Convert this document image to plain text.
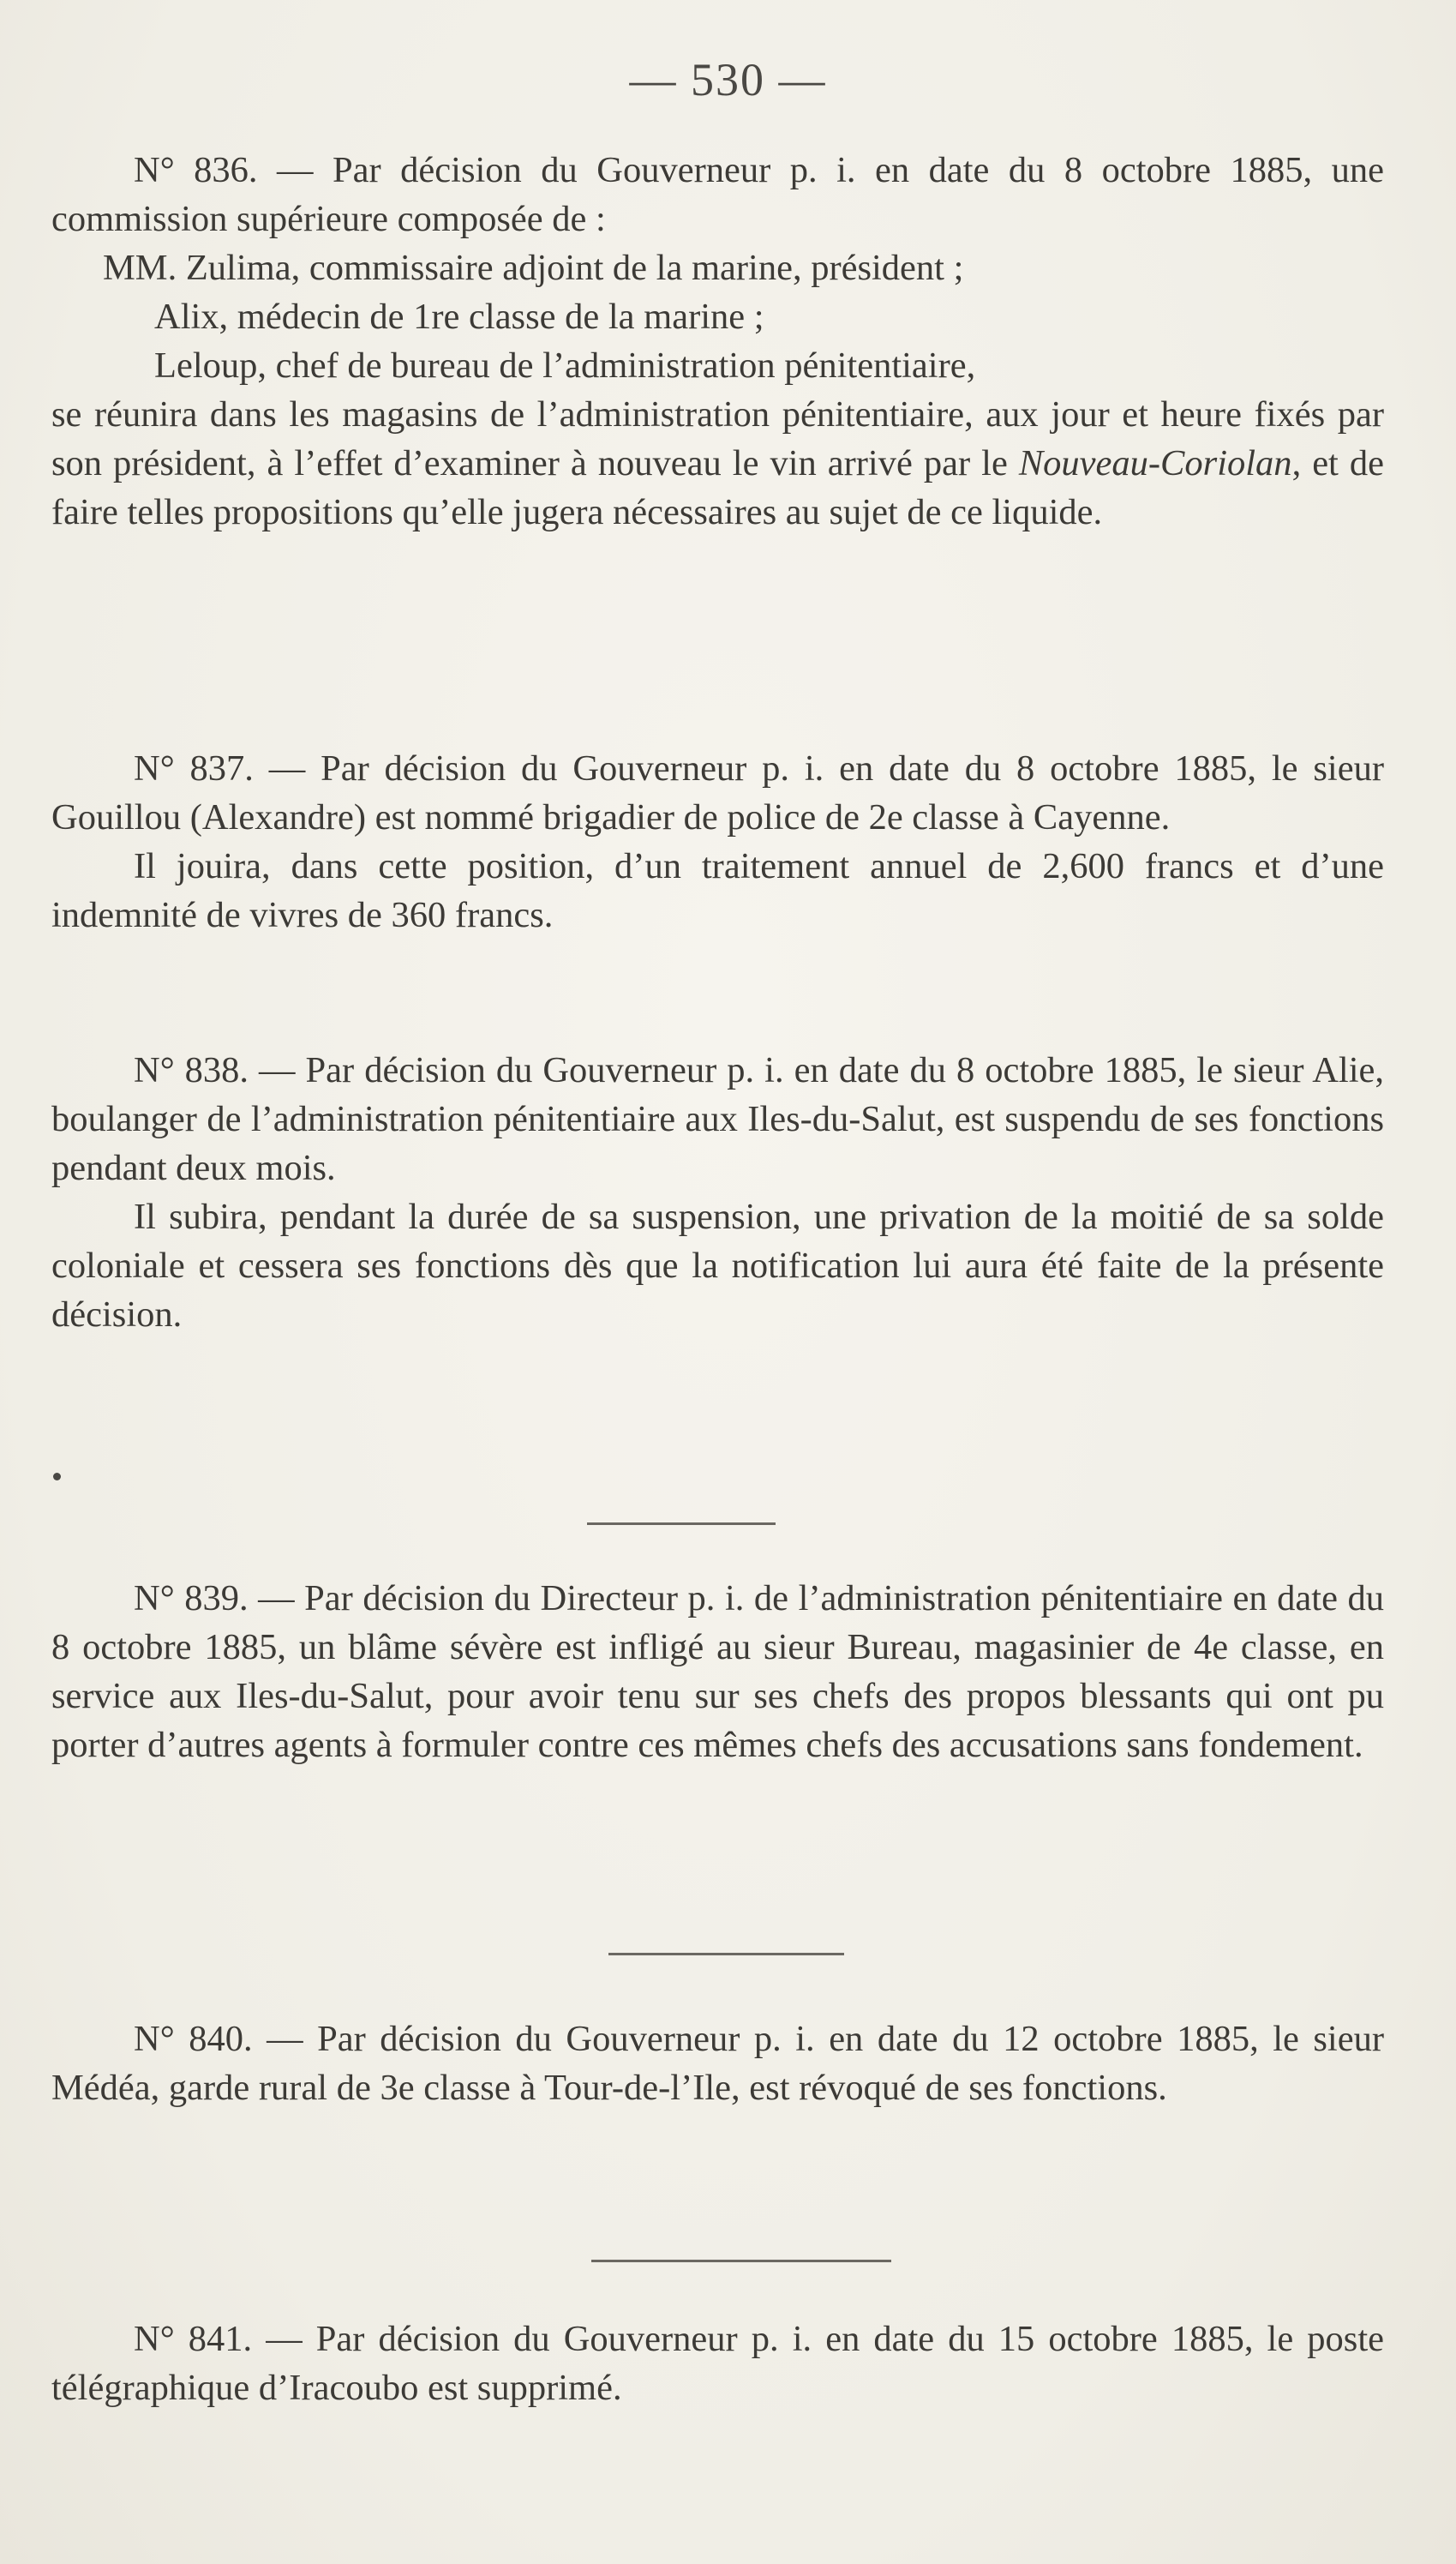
— 530 —

N° 836. — Par décision du Gouverneur p. i. en date du 8 octobre 1885, une commission supérieure composée de :

MM. Zulima, commissaire adjoint de la marine, président ;

Alix, médecin de 1re classe de la marine ;

Leloup, chef de bureau de l’administration pénitentiaire,

se réunira dans les magasins de l’administration pénitentiaire, aux jour et heure fixés par son président, à l’effet d’examiner à nouveau le vin arrivé par le Nouveau-Coriolan, et de faire telles propositions qu’elle jugera nécessaires au sujet de ce liquide.

N° 837. — Par décision du Gouverneur p. i. en date du 8 octobre 1885, le sieur Gouillou (Alexandre) est nommé brigadier de police de 2e classe à Cayenne.

Il jouira, dans cette position, d’un traitement annuel de 2,600 francs et d’une indemnité de vivres de 360 francs.

N° 838. — Par décision du Gouverneur p. i. en date du 8 octobre 1885, le sieur Alie, boulanger de l’administration pénitentiaire aux Iles-du-Salut, est suspendu de ses fonctions pendant deux mois.

Il subira, pendant la durée de sa suspension, une privation de la moitié de sa solde coloniale et cessera ses fonctions dès que la notification lui aura été faite de la présente décision.

N° 839. — Par décision du Directeur p. i. de l’administration pénitentiaire en date du 8 octobre 1885, un blâme sévère est infligé au sieur Bureau, magasinier de 4e classe, en service aux Iles-du-Salut, pour avoir tenu sur ses chefs des propos blessants qui ont pu porter d’autres agents à formuler contre ces mêmes chefs des accusations sans fondement.

N° 840. — Par décision du Gouverneur p. i. en date du 12 octobre 1885, le sieur Médéa, garde rural de 3e classe à Tour-de-l’Ile, est révoqué de ses fonctions.

N° 841. — Par décision du Gouverneur p. i. en date du 15 octobre 1885, le poste télégraphique d’Iracoubo est supprimé.
